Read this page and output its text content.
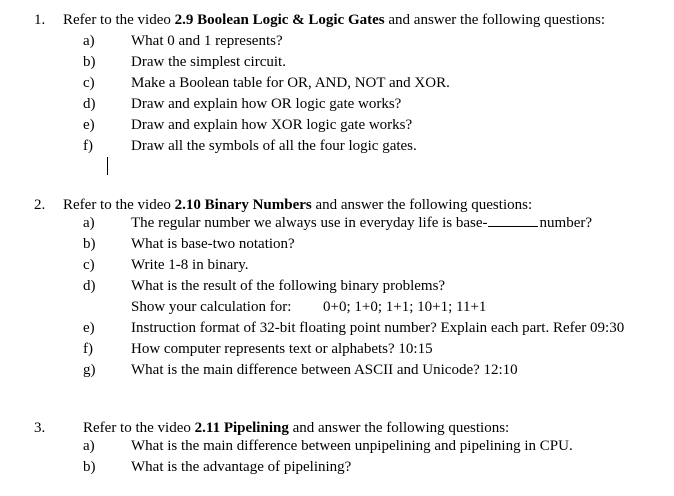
1. Refer to the video 2.9 Boolean Logic & Logic Gates and answer the following questions:
a) What 0 and 1 represents?
b) Draw the simplest circuit.
c) Make a Boolean table for OR, AND, NOT and XOR.
d) Draw and explain how OR logic gate works?
e) Draw and explain how XOR logic gate works?
f)	Draw all the symbols of all the four logic gates.
2. Refer to the video 2.10 Binary Numbers and answer the following questions:
a) The regular number we always use in everyday life is base-	number?
b) What is base-two notation?
c) Write 1-8 in binary.
d) What is the result of the following binary problems?
Show your calculation for: 0+0; 1+0; 1+1; 10+1; 11+1
e) Instruction format of 32-bit floating point number? Explain each part. Refer 09:30
f)	How computer represents text or alphabets? 10:15
g) What is the main difference between ASCII and Unicode? 12:10
3.	Refer to the video 2.11 Pipelining and answer the following questions:
a) What is the main difference between unpipelining and pipelining in CPU.
b) What is the advantage of pipelining?
